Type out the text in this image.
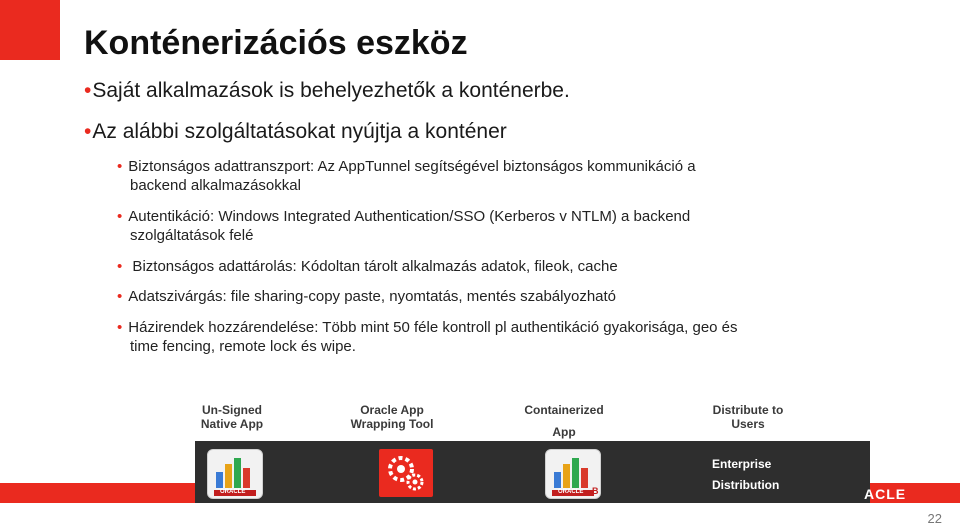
Konténerizációs eszköz
•Saját alkalmazások is behelyezhetők a konténerbe.
•Az alábbi szolgáltatásokat nyújtja a konténer
• Biztonságos adattranszport: Az AppTunnel segítségével biztonságos kommunikáció a
backend alkalmazásokkal
• Autentikáció: Windows Integrated Authentication/SSO (Kerberos v NTLM) a backend
szolgáltatások felé
• Biztonságos adattárolás: Kódoltan tárolt alkalmazás adatok, fileok, cache
• Adatszivárgás: file sharing-copy paste, nyomtatás, mentés szabályozható
• Házirendek hozzárendelése: Több mint 50 féle kontroll pl authentikáció gyakorisága, geo és
time fencing, remote lock és wipe.
Un-Signed
Native App
Oracle App
Wrapping Tool
Containerized
App
Distribute to
Users
ORACLE	ORACLE B
Enterprise
Distribution
ACLE
22
